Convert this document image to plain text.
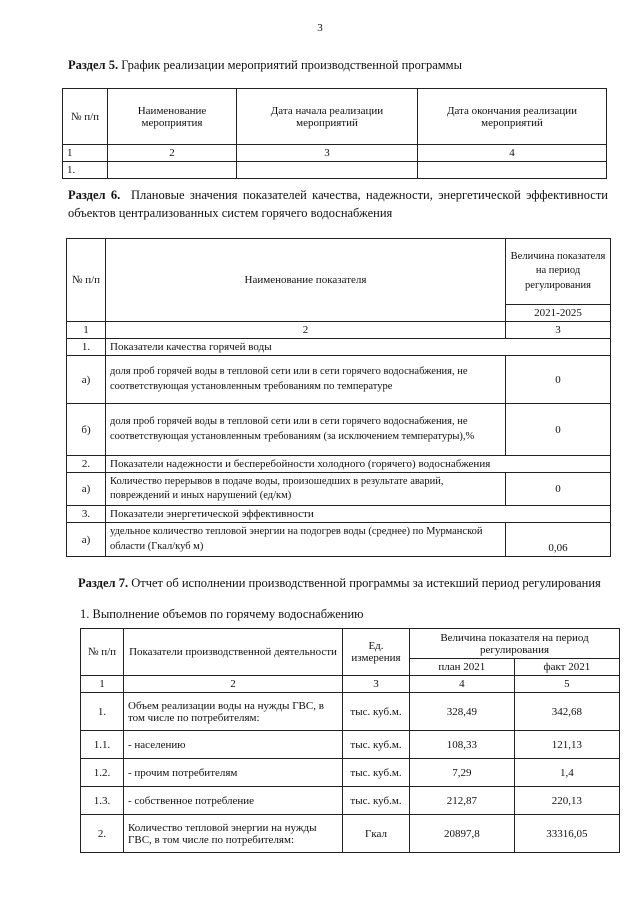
3
Раздел 5. График реализации мероприятий производственной программы
№ п/п	Наименование мероприятия	Дата начала реализации мероприятий	Дата окончания реализации мероприятий
1	2	3	4
1.			
Раздел 6. Плановые значения показателей качества, надежности, энергетической эффективности объектов централизованных систем горячего водоснабжения
№ п/п	Наименование показателя	Величина показателя на период регулирования
		2021-2025
1	2	3
1.	Показатели качества горячей воды	
а)	доля проб горячей воды в тепловой сети или в сети горячего водоснабжения, не соответствующая установленным требованиям по температуре	0
б)	доля проб горячей воды в тепловой сети или в сети горячего водоснабжения, не соответствующая установленным требованиям (за исключением температуры),%	0
2.	Показатели надежности и бесперебойности холодного (горячего) водоснабжения	
а)	Количество перерывов в подаче воды, произошедших в результате аварий, повреждений и иных нарушений (ед/км)	0
3.	Показатели энергетической эффективности	
а)	удельное количество тепловой энергии на подогрев воды (среднее) по Мурманской области (Гкал/куб м)	0,06
Раздел 7. Отчет об исполнении производственной программы за истекший период регулирования
1. Выполнение объемов по горячему водоснабжению
№ п/п	Показатели производственной деятельности	Ед. измерения	Величина показателя на период регулирования	
			план 2021	факт 2021
1	2	3	4	5
1.	Объем реализации воды на нужды ГВС, в том числе по потребителям:	тыс. куб.м.	328,49	342,68
1.1.	- населению	тыс. куб.м.	108,33	121,13
1.2.	- прочим потребителям	тыс. куб.м.	7,29	1,4
1.3.	- собственное потребление	тыс. куб.м.	212,87	220,13
2.	Количество тепловой энергии на нужды ГВС, в том числе по потребителям:	Гкал	20897,8	33316,05
